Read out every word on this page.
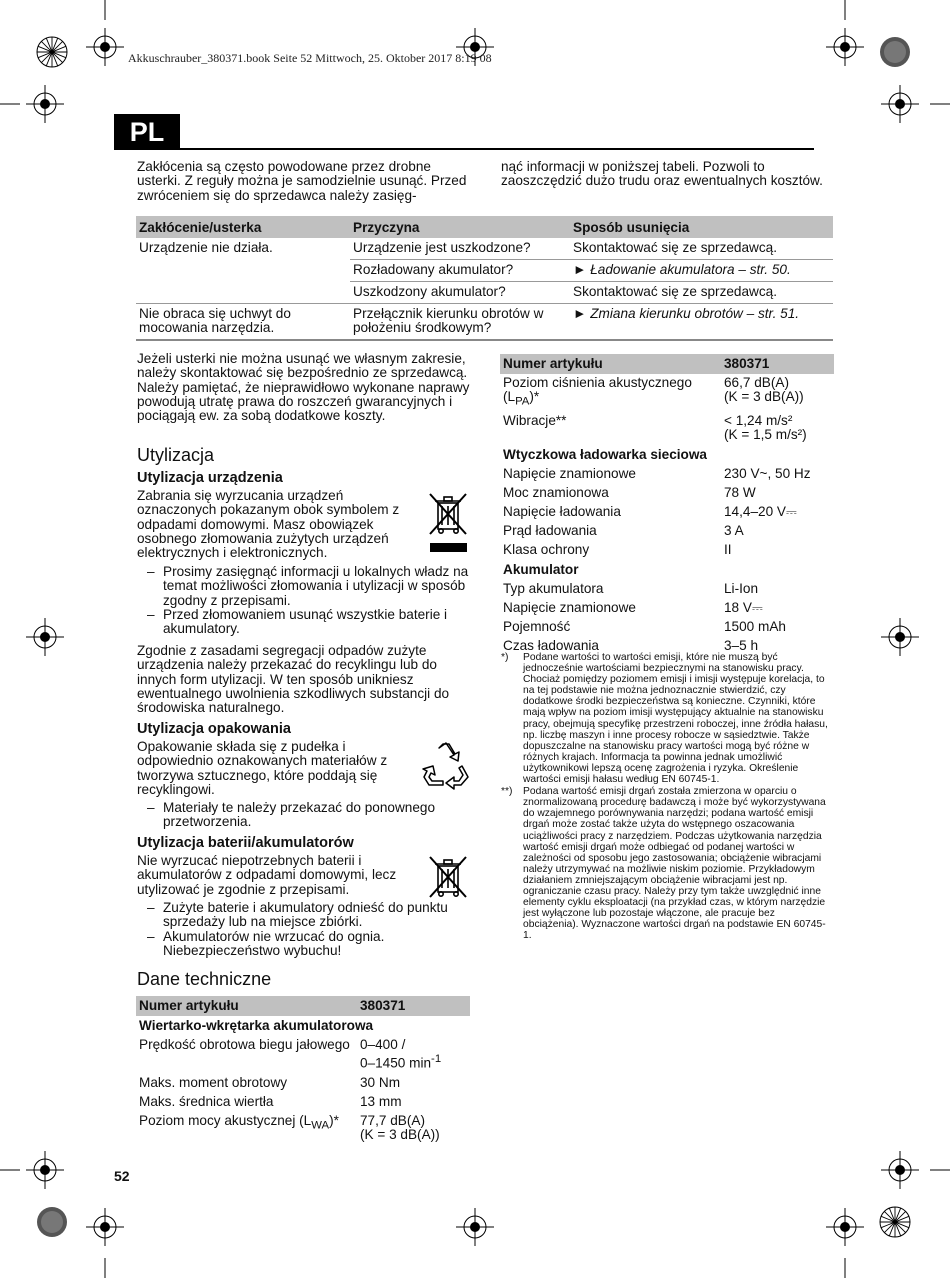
Akkuschrauber_380371.book Seite 52 Mittwoch, 25. Oktober 2017 8:19 08
PL
Zakłócenia są często powodowane przez drobne usterki. Z reguły można je samodzielnie usunąć. Przed zwróceniem się do sprzedawca należy zasięg-
nąć informacji w poniższej tabeli. Pozwoli to zaoszczędzić dużo trudu oraz ewentualnych kosztów.
Zakłócenie/usterka	Przyczyna	Sposób usunięcia
Urządzenie nie działa.	Urządzenie jest uszkodzone?	Skontaktować się ze sprzedawcą.
	Rozładowany akumulator?	► Ładowanie akumulatora – str. 50.
	Uszkodzony akumulator?	Skontaktować się ze sprzedawcą.
Nie obraca się uchwyt do mocowania narzędzia.	Przełącznik kierunku obrotów w położeniu środkowym?	► Zmiana kierunku obrotów – str. 51.
Jeżeli usterki nie można usunąć we własnym zakresie, należy skontaktować się bezpośrednio ze sprzedawcą. Należy pamiętać, że nieprawidłowo wykonane naprawy powodują utratę prawa do roszczeń gwarancyjnych i pociągają ew. za sobą dodatkowe koszty.
Utylizacja
Utylizacja urządzenia
Zabrania się wyrzucania urządzeń oznaczonych pokazanym obok symbolem z odpadami domowymi. Masz obowiązek osobnego złomowania zużytych urządzeń elektrycznych i elektronicznych.
– Prosimy zasięgnąć informacji u lokalnych władz na temat możliwości złomowania i utylizacji w sposób zgodny z przepisami.
– Przed złomowaniem usunąć wszystkie baterie i akumulatory.
Zgodnie z zasadami segregacji odpadów zużyte urządzenia należy przekazać do recyklingu lub do innych form utylizacji. W ten sposób unikniesz ewentualnego uwolnienia szkodliwych substancji do środowiska naturalnego.
Utylizacja opakowania
Opakowanie składa się z pudełka i odpowiednio oznakowanych materiałów z tworzywa sztucznego, które poddają się recyklingowi.
– Materiały te należy przekazać do ponownego przetworzenia.
Utylizacja baterii/akumulatorów
Nie wyrzucać niepotrzebnych baterii i akumulatorów z odpadami domowymi, lecz utylizować je zgodnie z przepisami.
– Zużyte baterie i akumulatory odnieść do punktu sprzedaży lub na miejsce zbiórki.
– Akumulatorów nie wrzucać do ognia. Niebezpieczeństwo wybuchu!
Dane techniczne
Numer artykułu	380371
Wiertarko-wkrętarka akumulatorowa	
Prędkość obrotowa biegu jałowego	0–400 /
0–1450 $\min^{-1}$
Maks. moment obrotowy	30 Nm
Maks. średnica wiertła	13 mm
Poziom mocy akustycznej $(L_{WA})*$	77,7 dB(A)
(K = 3 dB(A))
Numer artykułu	380371
Poziom ciśnienia akustycznego
$(L_{PA})*$	66,7 dB(A)
(K = 3 dB(A))
Wibracje**	< 1,24 m/s²
(K = 1,5 m/s²)
Wtyczkowa ładowarka sieciowa	
Napięcie znamionowe	230 V~, 50 Hz
Moc znamionowa	78 W
Napięcie ładowania	14,4–20 V⎓
Prąd ładowania	3 A
Klasa ochrony	II
Akumulator	
Typ akumulatora	Li-Ion
Napięcie znamionowe	18 V⎓
Pojemność	1500 mAh
Czas ładowania	3–5 h
*) Podane wartości to wartości emisji, które nie muszą być jednocześnie wartościami bezpiecznymi na stanowisku pracy. Chociaż pomiędzy poziomem emisji i imisji występuje korelacja, to na tej podstawie nie można jednoznacznie stwierdzić, czy dodatkowe środki bezpieczeństwa są konieczne. Czynniki, które mają wpływ na poziom imisji występujący aktualnie na stanowisku pracy, obejmują specyfikę przestrzeni roboczej, inne źródła hałasu, np. liczbę maszyn i inne procesy robocze w sąsiedztwie. Także dopuszczalne na stanowisku pracy wartości mogą być różne w różnych krajach. Informacja ta powinna jednak umożliwić użytkownikowi lepszą ocenę zagrożenia i ryzyka. Określenie wartości emisji hałasu według EN 60745-1.
**) Podana wartość emisji drgań została zmierzona w oparciu o znormalizowaną procedurę badawczą i może być wykorzystywana do wzajemnego porównywania narzędzi; podana wartość emisji drgań może zostać także użyta do wstępnego oszacowania uciążliwości pracy z narzędziem. Podczas użytkowania narzędzia wartość emisji drgań może odbiegać od podanej wartości w zależności od sposobu jego zastosowania; obciążenie wibracjami należy utrzymywać na możliwie niskim poziomie. Przykładowym działaniem zmniejszającym obciążenie wibracjami jest np. ograniczanie czasu pracy. Należy przy tym także uwzględnić inne elementy cyklu eksploatacji (na przykład czas, w którym narzędzie jest wyłączone lub pozostaje włączone, ale pracuje bez obciążenia). Wyznaczone wartości drgań na podstawie EN 60745-1.
52
